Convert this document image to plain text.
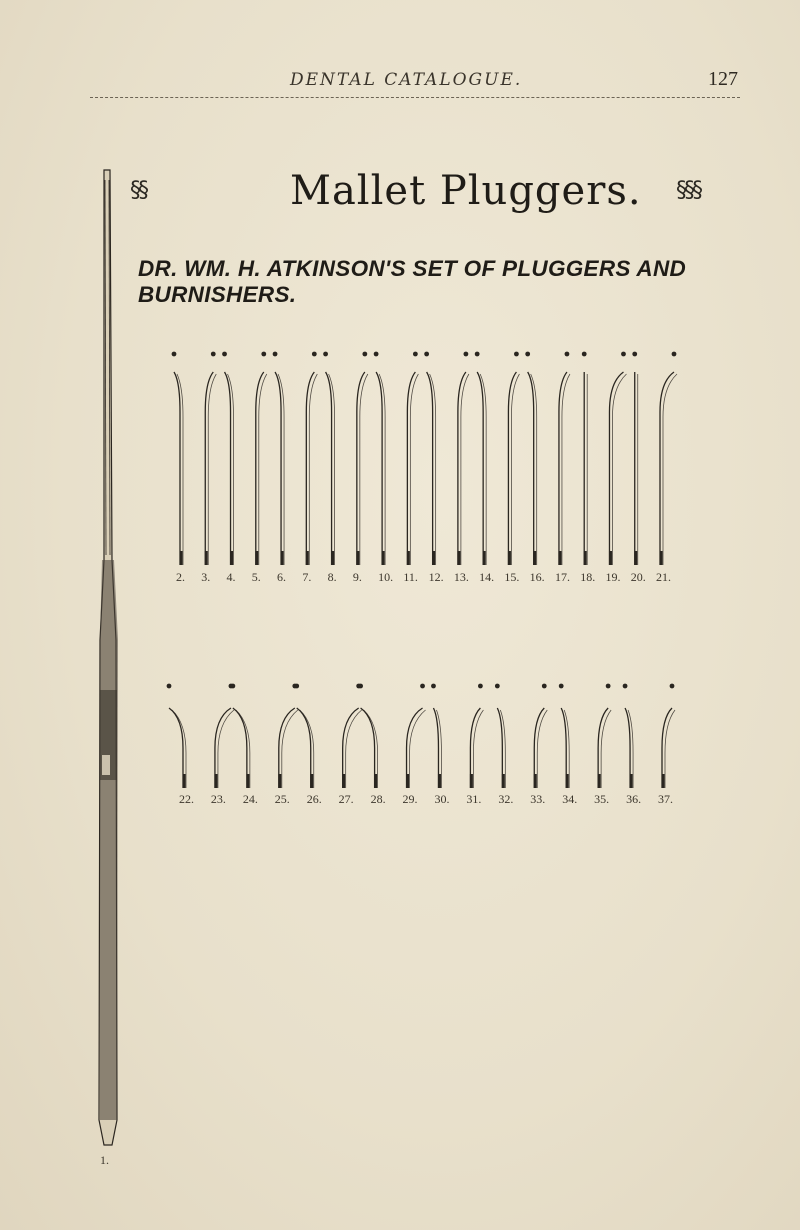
DENTAL CATALOGUE.	127
§§	Mallet Pluggers. §§§
DR. WM. H. ATKINSON'S SET OF PLUGGERS AND BURNISHERS.
1.
2. 3. 4. 5. 6. 7. 8. 9. 10. 11. 12. 13. 14. 15. 16. 17. 18. 19. 20. 21.
22. 23. 24. 25. 26. 27. 28. 29. 30. 31. 32. 33. 34. 35. 36. 37.
